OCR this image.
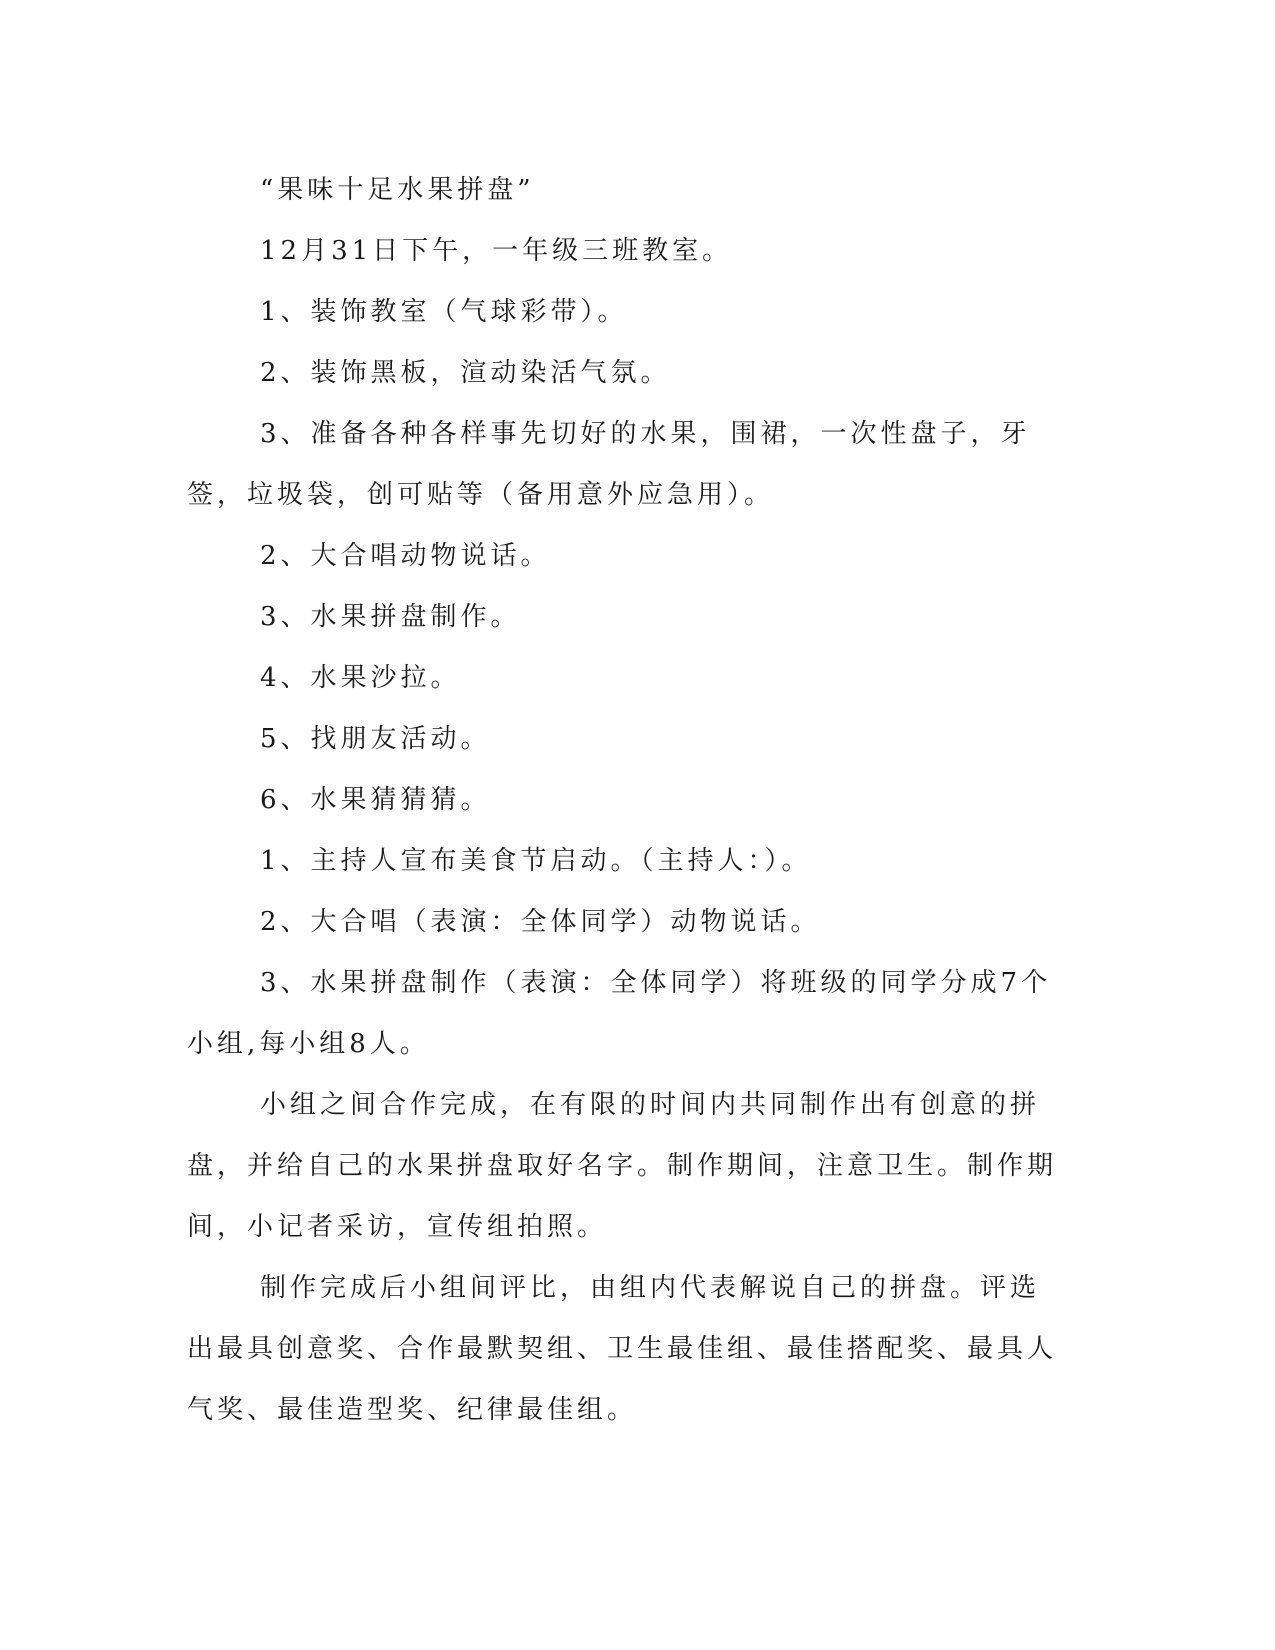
“果味十足水果拼盘”

12月31日下午，一年级三班教室。

1、装饰教室（气球彩带）。

2、装饰黑板，渲动染活气氛。

3、准备各种各样事先切好的水果，围裙，一次性盘子，牙签，垃圾袋，创可贴等（备用意外应急用）。

2、大合唱动物说话。

3、水果拼盘制作。

4、水果沙拉。

5、找朋友活动。

6、水果猜猜猜。

1、主持人宣布美食节启动。（主持人：）。

2、大合唱（表演：全体同学）动物说话。

3、水果拼盘制作（表演：全体同学）将班级的同学分成7个小组,每小组8人。

小组之间合作完成，在有限的时间内共同制作出有创意的拼盘，并给自己的水果拼盘取好名字。制作期间，注意卫生。制作期间，小记者采访，宣传组拍照。

制作完成后小组间评比，由组内代表解说自己的拼盘。评选出最具创意奖、合作最默契组、卫生最佳组、最佳搭配奖、最具人气奖、最佳造型奖、纪律最佳组。
